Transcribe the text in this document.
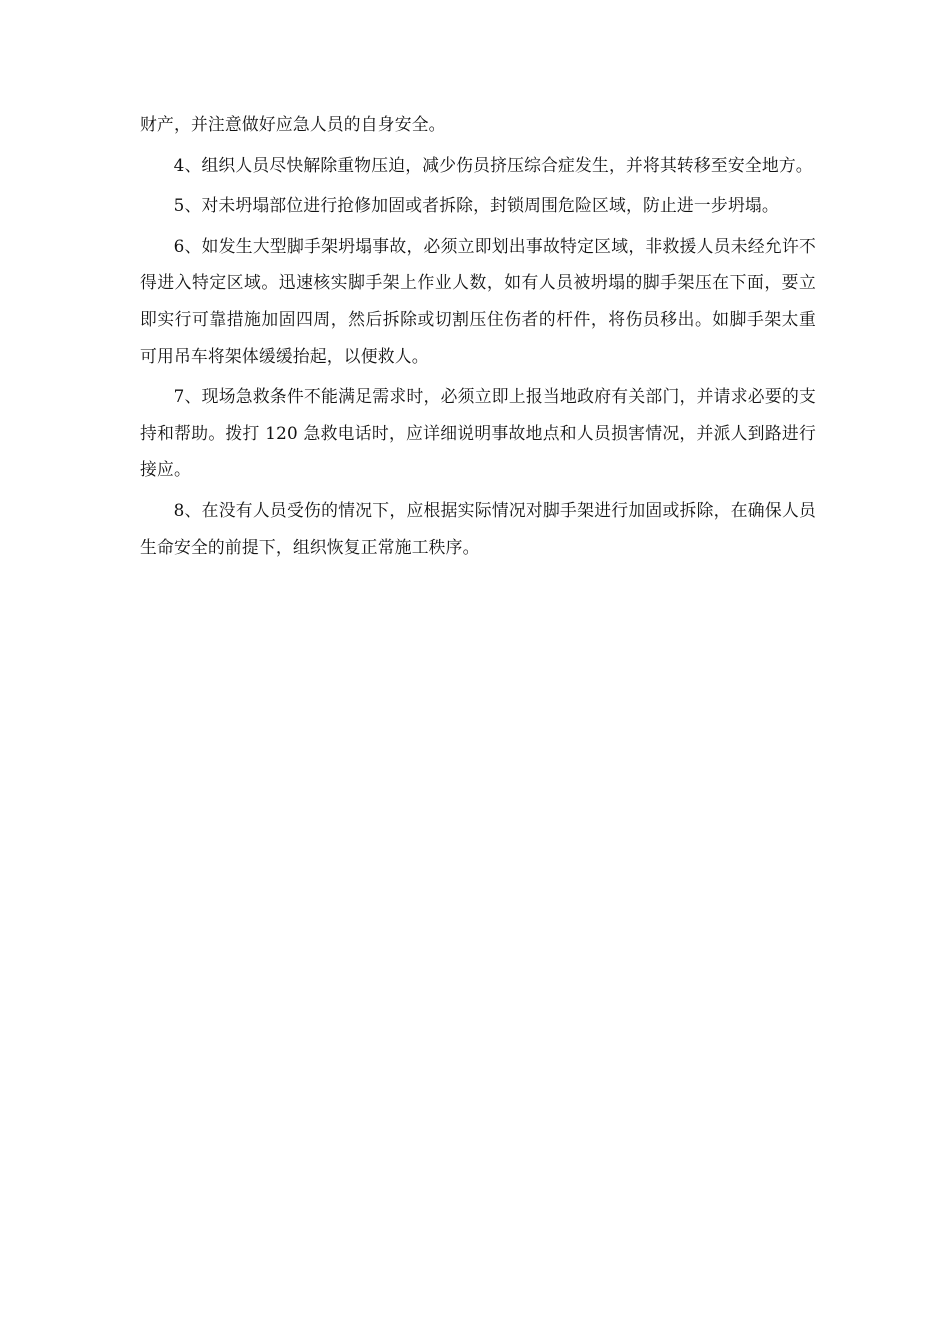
财产，并注意做好应急人员的自身安全。

4、组织人员尽快解除重物压迫，减少伤员挤压综合症发生，并将其转移至安全地方。

5、对未坍塌部位进行抢修加固或者拆除，封锁周围危险区域，防止进一步坍塌。

6、如发生大型脚手架坍塌事故，必须立即划出事故特定区域，非救援人员未经允许不得进入特定区域。迅速核实脚手架上作业人数，如有人员被坍塌的脚手架压在下面，要立即实行可靠措施加固四周，然后拆除或切割压住伤者的杆件，将伤员移出。如脚手架太重可用吊车将架体缓缓抬起，以便救人。

7、现场急救条件不能满足需求时，必须立即上报当地政府有关部门，并请求必要的支持和帮助。拨打 120 急救电话时，应详细说明事故地点和人员损害情况，并派人到路进行接应。

8、在没有人员受伤的情况下，应根据实际情况对脚手架进行加固或拆除，在确保人员生命安全的前提下，组织恢复正常施工秩序。
